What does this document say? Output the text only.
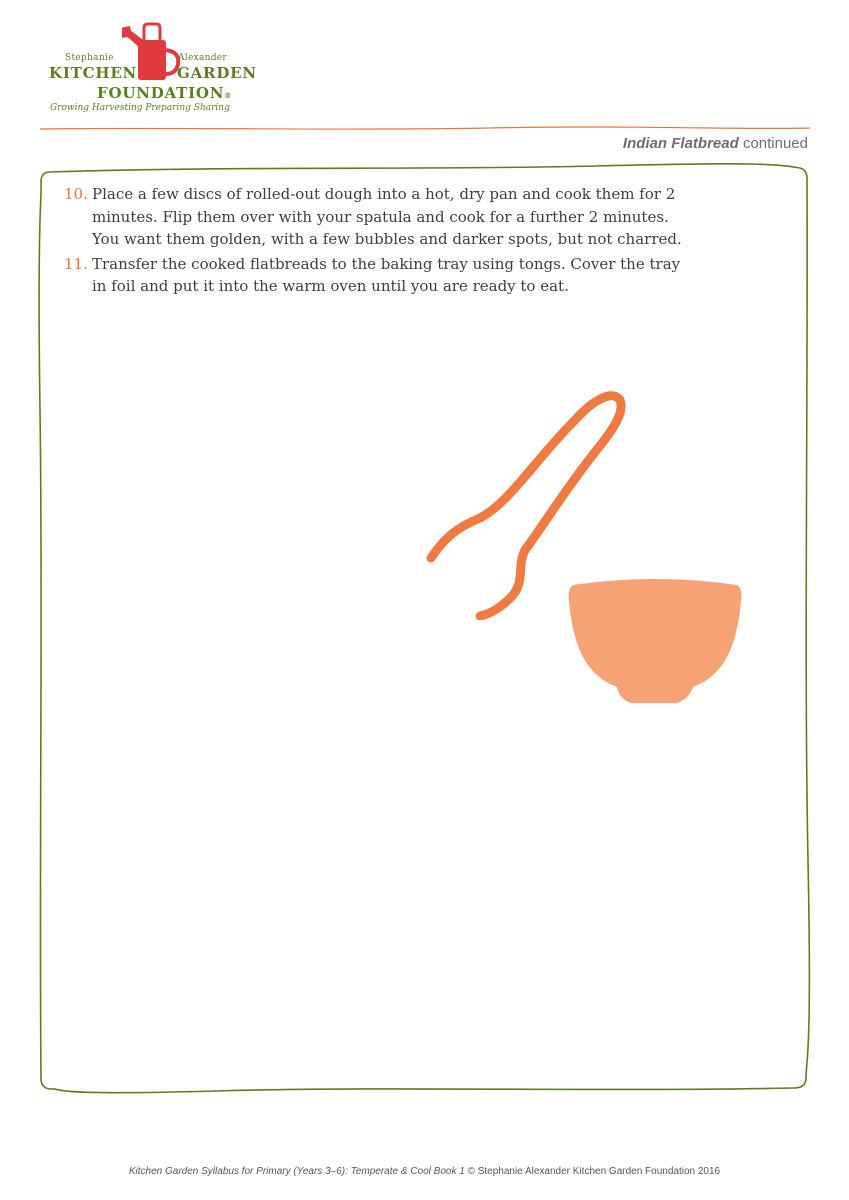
Stephanie	Alexander
KITCHEN	GARDEN
FOUNDATION®
Growing Harvesting Preparing Sharing
Indian Flatbread continued
10. Place a few discs of rolled-out dough into a hot, dry pan and cook them for 2 minutes. Flip them over with your spatula and cook for a further 2 minutes. You want them golden, with a few bubbles and darker spots, but not charred.
11. Transfer the cooked flatbreads to the baking tray using tongs. Cover the tray in foil and put it into the warm oven until you are ready to eat.
Kitchen Garden Syllabus for Primary (Years 3–6): Temperate & Cool Book 1 © Stephanie Alexander Kitchen Garden Foundation 2016
